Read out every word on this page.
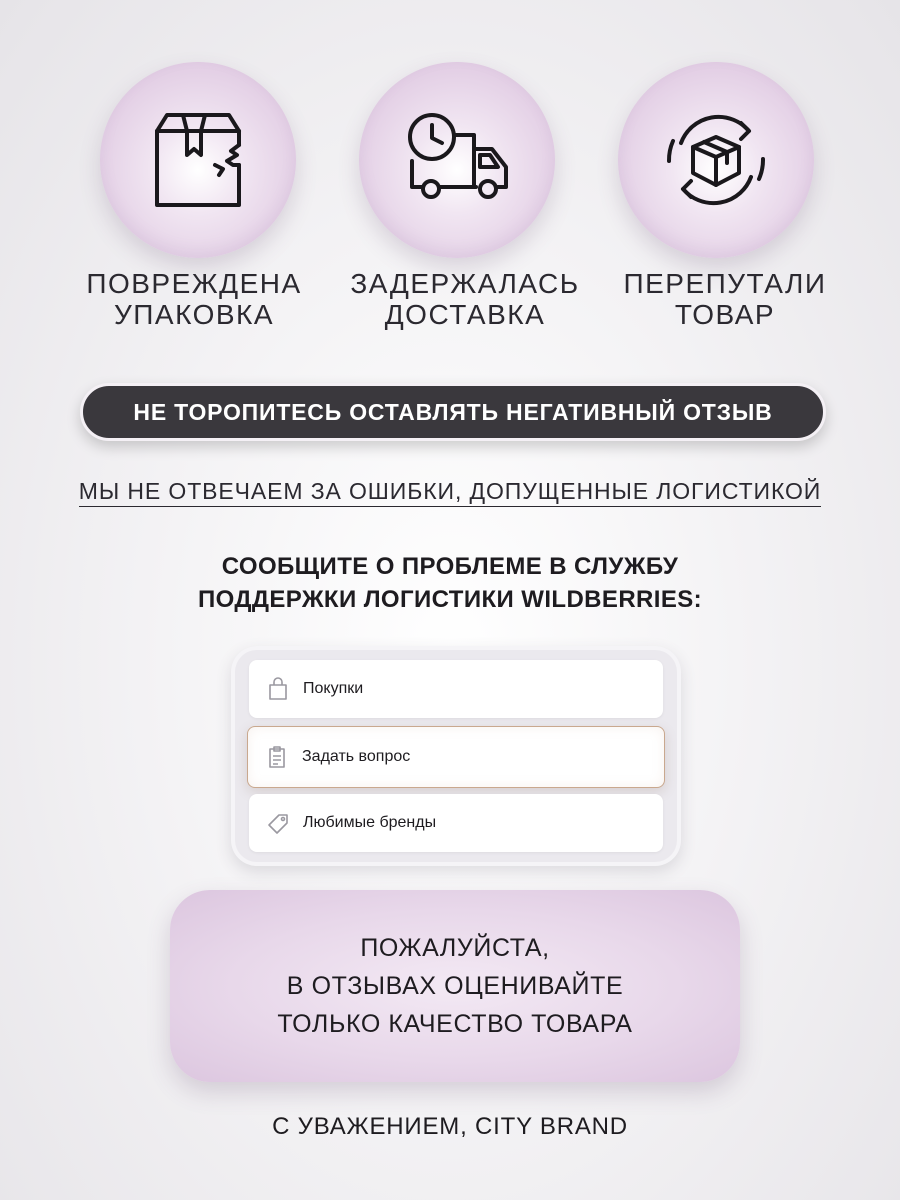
ПОВРЕЖДЕНА
УПАКОВКА
ЗАДЕРЖАЛАСЬ
ДОСТАВКА
ПЕРЕПУТАЛИ
ТОВАР
НЕ ТОРОПИТЕСЬ ОСТАВЛЯТЬ НЕГАТИВНЫЙ ОТЗЫВ
МЫ НЕ ОТВЕЧАЕМ ЗА ОШИБКИ, ДОПУЩЕННЫЕ ЛОГИСТИКОЙ
СООБЩИТЕ О ПРОБЛЕМЕ В СЛУЖБУ
ПОДДЕРЖКИ ЛОГИСТИКИ WILDBERRIES:
Покупки
Задать вопрос
Любимые бренды
ПОЖАЛУЙСТА,
В ОТЗЫВАХ ОЦЕНИВАЙТЕ
ТОЛЬКО КАЧЕСТВО ТОВАРА
С УВАЖЕНИЕМ, CITY BRAND
